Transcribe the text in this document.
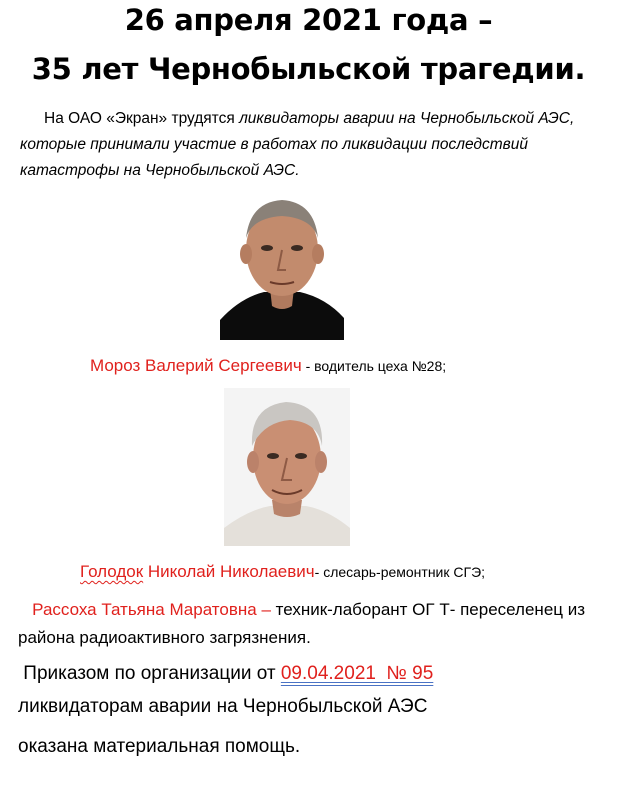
26 апреля 2021 года –
35 лет Чернобыльской трагедии.
На ОАО «Экран» трудятся ликвидаторы аварии на Чернобыльской АЭС, которые принимали участие в работах по ликвидации последствий катастрофы на Чернобыльской АЭС.
Мороз Валерий Сергеевич - водитель цеха №28;
Голодок Николай Николаевич- слесарь-ремонтник СГЭ;
Рассоха Татьяна Маратовна – техник-лаборант ОГ Т- переселенец из района радиоактивного загрязнения.
Приказом по организации от 09.04.2021  № 95
ликвидаторам аварии на Чернобыльской АЭС
оказана материальная помощь.
